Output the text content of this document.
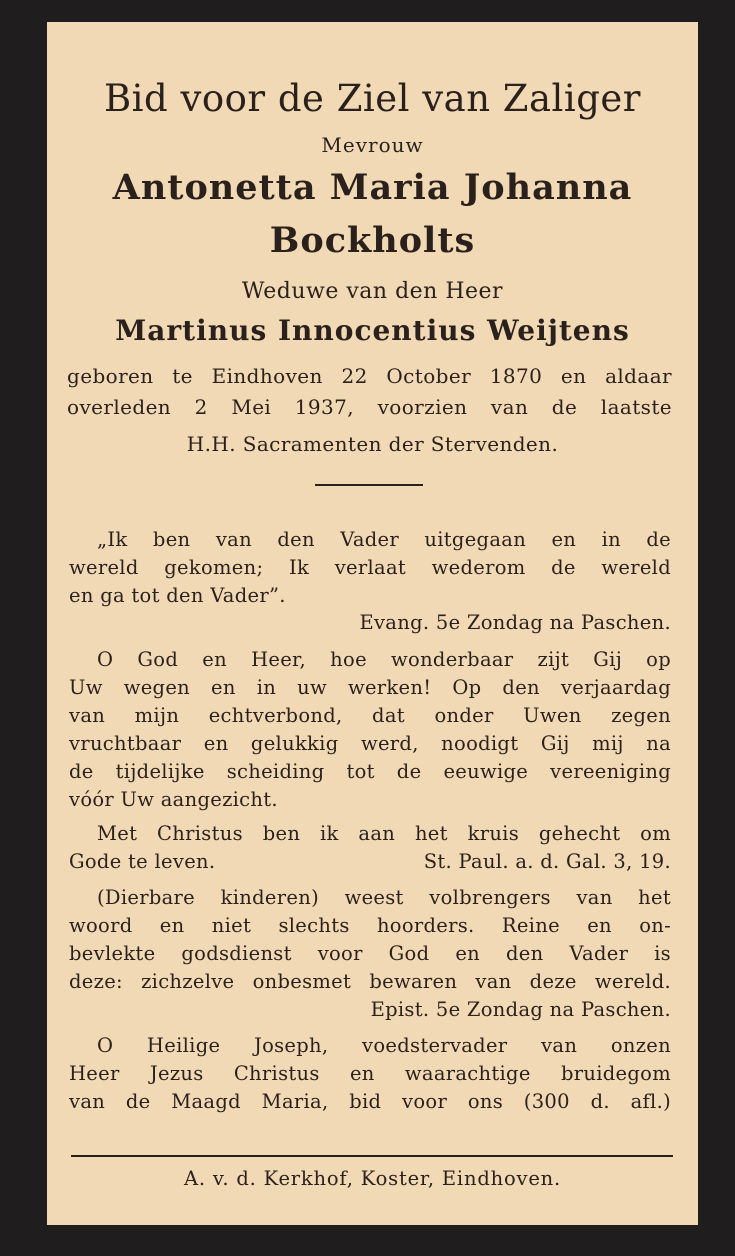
Bid voor de Ziel van Zaliger
Mevrouw
Antonetta Maria Johanna
Bockholts
Weduwe van den Heer
Martinus Innocentius Weijtens
geboren te Eindhoven 22 October 1870 en aldaar
overleden 2 Mei 1937, voorzien van de laatste
H.H. Sacramenten der Stervenden.
„Ik ben van den Vader uitgegaan en in de
wereld gekomen; Ik verlaat wederom de wereld
en ga tot den Vader”.
Evang. 5e Zondag na Paschen.
O God en Heer, hoe wonderbaar zijt Gij op
Uw wegen en in uw werken! Op den verjaardag
van mijn echtverbond, dat onder Uwen zegen
vruchtbaar en gelukkig werd, noodigt Gij mij na
de tijdelijke scheiding tot de eeuwige vereeniging
vóór Uw aangezicht.
Met Christus ben ik aan het kruis gehecht om
Gode te leven.	St. Paul. a. d. Gal. 3, 19.
(Dierbare kinderen) weest volbrengers van het
woord en niet slechts hoorders. Reine en on-
bevlekte godsdienst voor God en den Vader is
deze: zichzelve onbesmet bewaren van deze wereld.
Epist. 5e Zondag na Paschen.
O Heilige Joseph, voedstervader van onzen
Heer Jezus Christus en waarachtige bruidegom
van de Maagd Maria, bid voor ons (300 d. afl.)
A. v. d. Kerkhof, Koster, Eindhoven.
